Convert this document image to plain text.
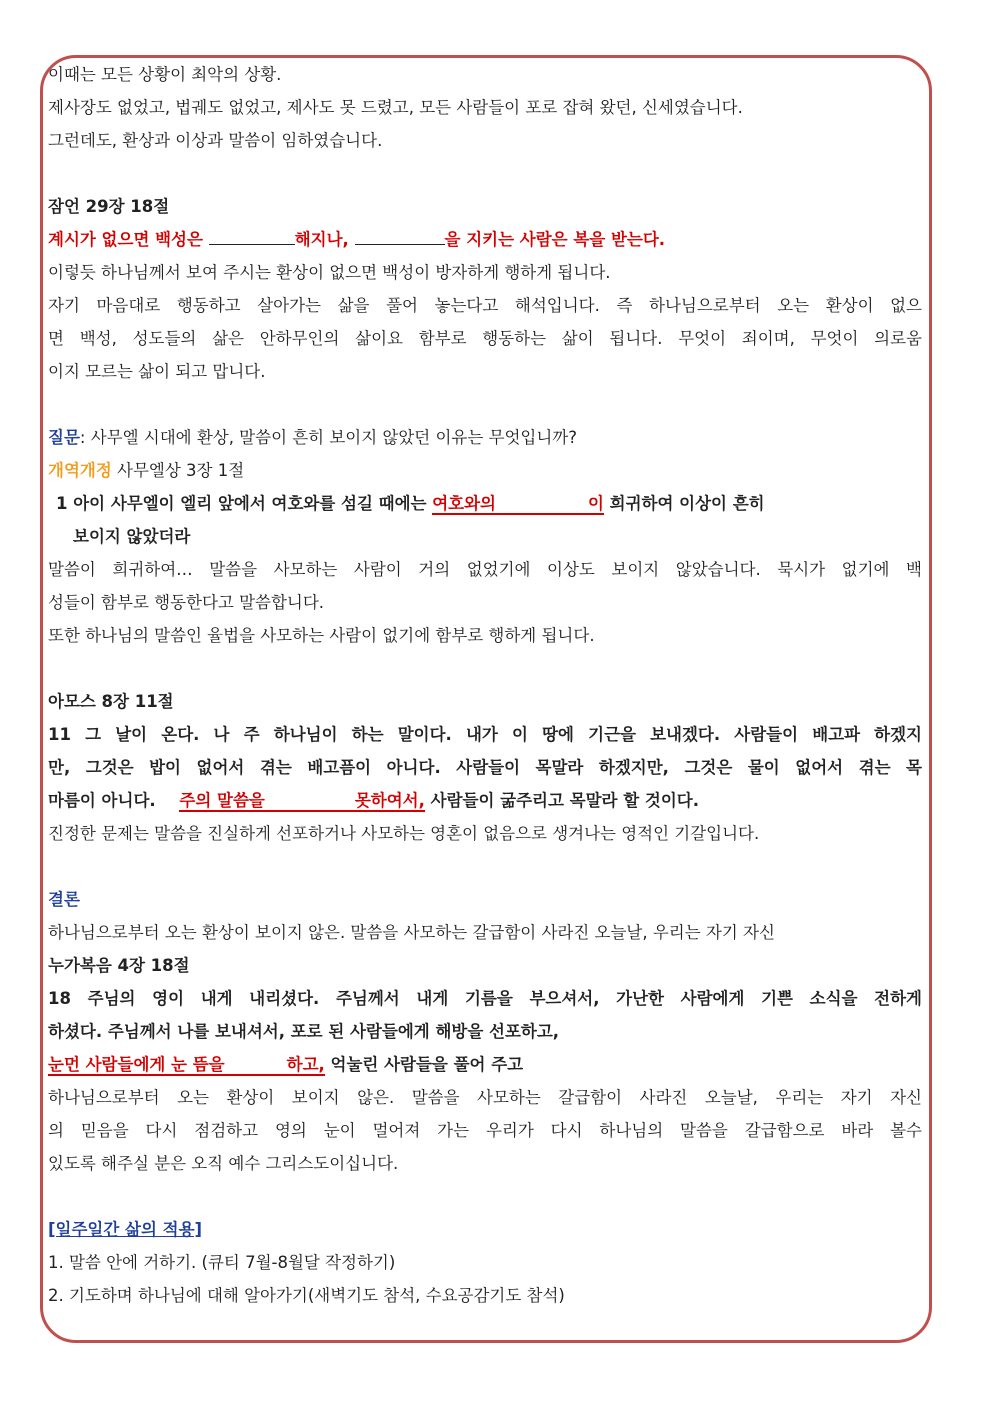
이때는 모든 상황이 최악의 상황.
제사장도 없었고, 법궤도 없었고, 제사도 못 드렸고, 모든 사람들이 포로 잡혀 왔던, 신세였습니다.
그런데도, 환상과 이상과 말씀이 임하였습니다.
잠언 29장 18절
계시가 없으면 백성은	해지나,	을 지키는 사람은 복을 받는다.
이렇듯 하나님께서 보여 주시는 환상이 없으면 백성이 방자하게 행하게 됩니다.
자기 마음대로 행동하고 살아가는 삶을 풀어 놓는다고 해석입니다. 즉 하나님으로부터 오는 환상이 없으
면 백성, 성도들의 삶은 안하무인의 삶이요 함부로 행동하는 삶이 됩니다. 무엇이 죄이며, 무엇이 의로움
이지 모르는 삶이 되고 맙니다.
질문: 사무엘 시대에 환상, 말씀이 흔히 보이지 않았던 이유는 무엇입니까?
개역개정 사무엘상 3장 1절
1 아이 사무엘이 엘리 앞에서 여호와를 섬길 때에는 여호와의	이 희귀하여 이상이 흔히
보이지 않았더라
말씀이 희귀하여… 말씀을 사모하는 사람이 거의 없었기에 이상도 보이지 않았습니다. 묵시가 없기에 백
성들이 함부로 행동한다고 말씀합니다.
또한 하나님의 말씀인 율법을 사모하는 사람이 없기에 함부로 행하게 됩니다.
아모스 8장 11절
11 그 날이 온다. 나 주 하나님이 하는 말이다. 내가 이 땅에 기근을 보내겠다. 사람들이 배고파 하겠지
만, 그것은 밥이 없어서 겪는 배고픔이 아니다. 사람들이 목말라 하겠지만, 그것은 물이 없어서 겪는 목
마름이 아니다. 주의 말씀을	못하여서, 사람들이 굶주리고 목말라 할 것이다.
진정한 문제는 말씀을 진실하게 선포하거나 사모하는 영혼이 없음으로 생겨나는 영적인 기갈입니다.
결론
하나님으로부터 오는 환상이 보이지 않은. 말씀을 사모하는 갈급함이 사라진 오늘날, 우리는 자기 자신
누가복음 4장 18절
18 주님의 영이 내게 내리셨다. 주님께서 내게 기름을 부으셔서, 가난한 사람에게 기쁜 소식을 전하게
하셨다. 주님께서 나를 보내셔서, 포로 된 사람들에게 해방을 선포하고,
눈먼 사람들에게 눈 뜸을	하고, 억눌린 사람들을 풀어 주고
하나님으로부터 오는 환상이 보이지 않은. 말씀을 사모하는 갈급함이 사라진 오늘날, 우리는 자기 자신
의 믿음을 다시 점검하고 영의 눈이 멀어져 가는 우리가 다시 하나님의 말씀을 갈급함으로 바라 볼수
있도록 해주실 분은 오직 예수 그리스도이십니다.
[일주일간 삶의 적용]
1. 말씀 안에 거하기. (큐티 7월-8월달 작정하기)
2. 기도하며 하나님에 대해 알아가기(새벽기도 참석, 수요공감기도 참석)
